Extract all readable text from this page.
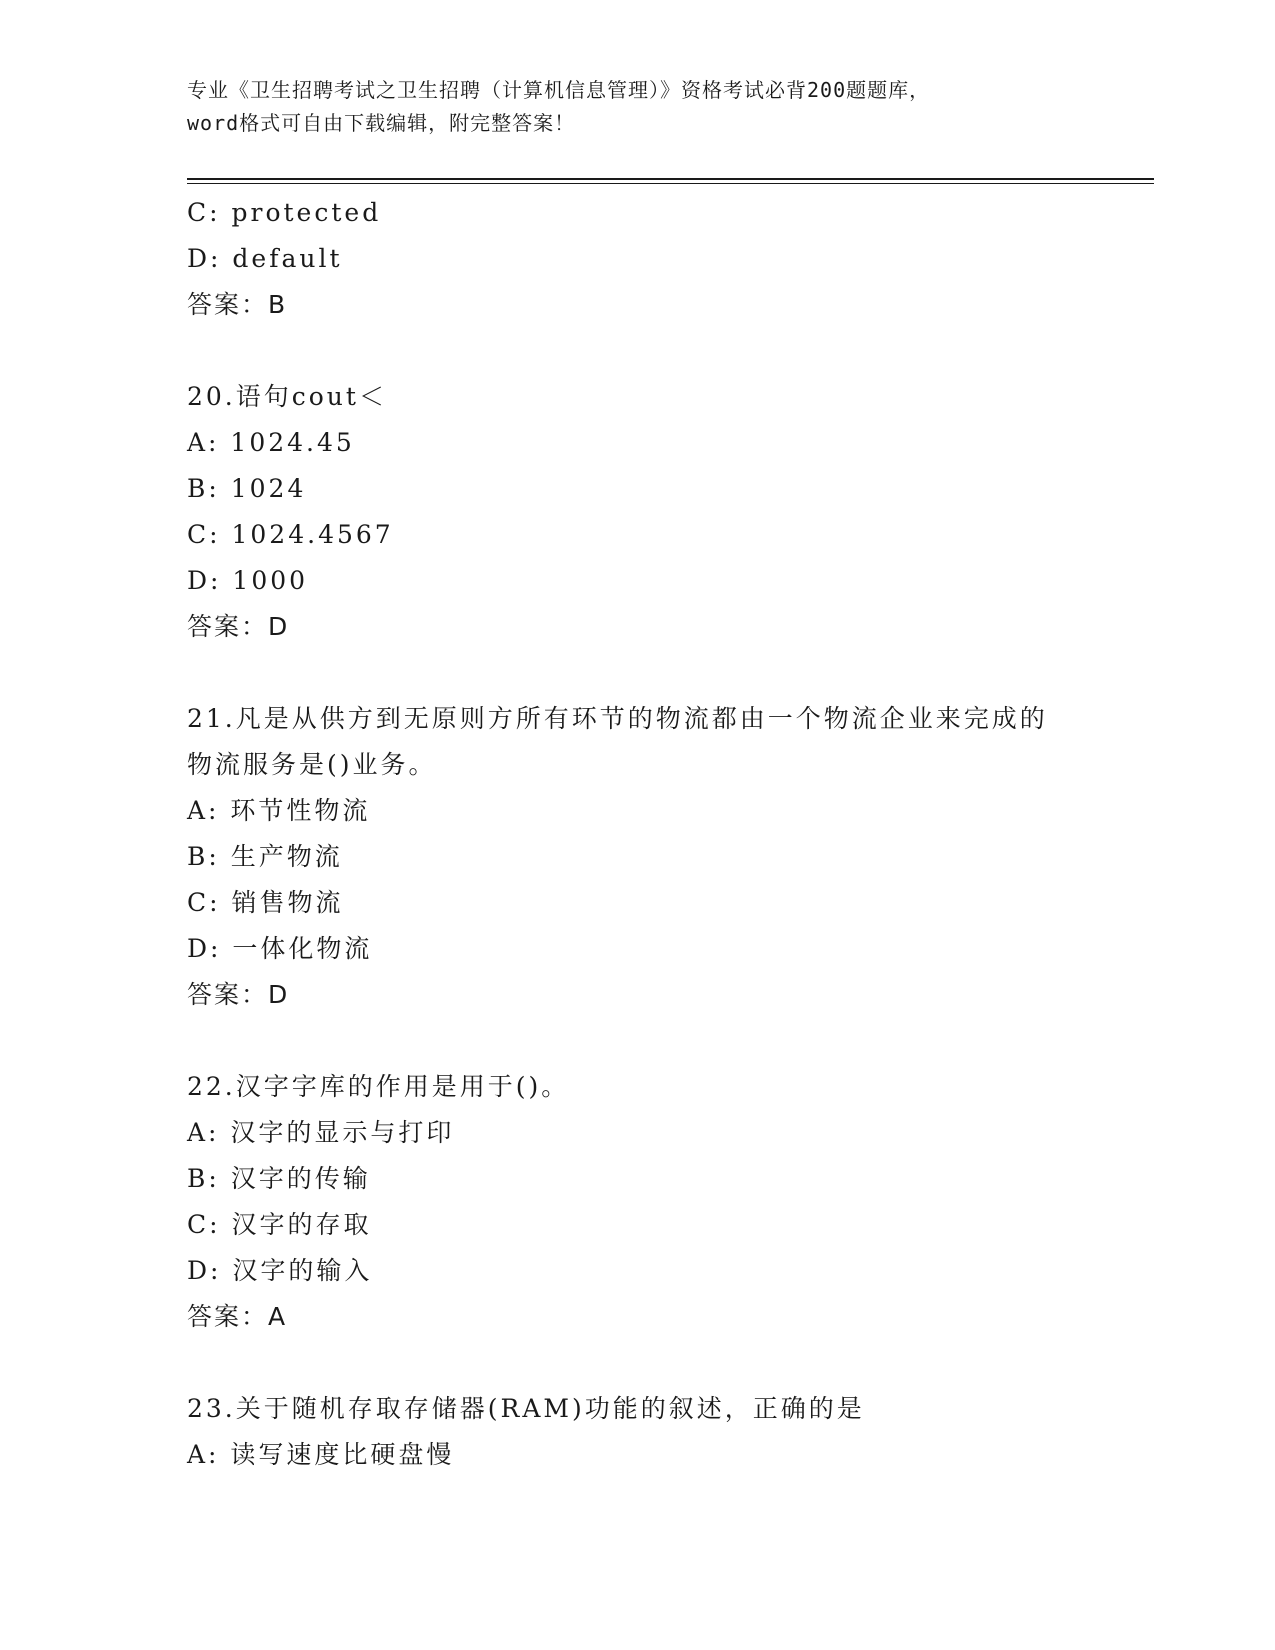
专业《卫生招聘考试之卫生招聘（计算机信息管理）》资格考试必背200题题库，
word格式可自由下载编辑，附完整答案！
C: protected
D: default
答案：B
20.语句cout＜
A: 1024.45
B: 1024
C: 1024.4567
D: 1000
答案：D
21.凡是从供方到无原则方所有环节的物流都由一个物流企业来完成的
物流服务是()业务。
A: 环节性物流
B: 生产物流
C: 销售物流
D: 一体化物流
答案：D
22.汉字字库的作用是用于()。
A: 汉字的显示与打印
B: 汉字的传输
C: 汉字的存取
D: 汉字的输入
答案：A
23.关于随机存取存储器(RAM)功能的叙述，正确的是
A: 读写速度比硬盘慢
